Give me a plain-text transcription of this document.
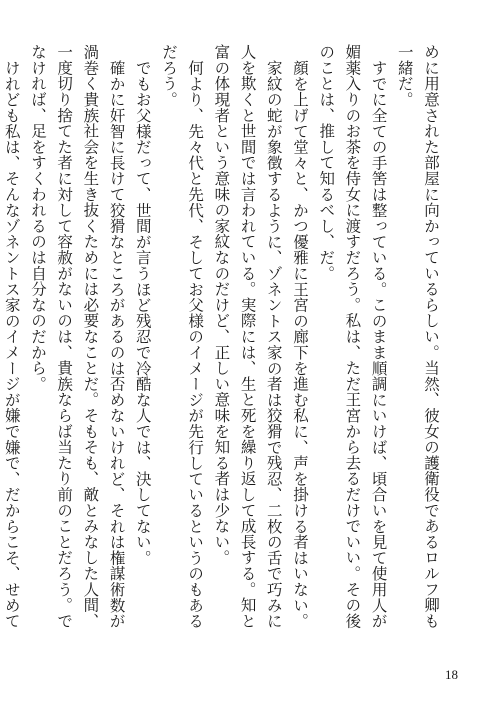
めに用意された部屋に向かっているらしい。当然、彼女の護衛役であるロルフ卿も一緒だ。

すでに全ての手筈は整っている。このまま順調にいけば、頃合いを見て使用人が媚薬入りのお茶を侍女に渡すだろう。私は、ただ王宮から去るだけでいい。その後のことは、推して知るべし、だ。

顔を上げて堂々と、かつ優雅に王宮の廊下を進む私に、声を掛ける者はいない。

家紋の蛇が象徴するように、ゾネントス家の者は狡猾で残忍、二枚の舌で巧みに人を欺くと世間では言われている。実際には、生と死を繰り返して成長する。知と富の体現者という意味の家紋なのだけど、正しい意味を知る者は少ない。

何より、先々代と先代、そしてお父様のイメージが先行しているというのもあるだろう。

でもお父様だって、世間が言うほど残忍で冷酷な人では、決してない。

確かに奸智に長けて狡猾なところがあるのは否めないけれど、それは権謀術数が渦巻く貴族社会を生き抜くためには必要なことだ。そもそも、敵とみなした人間、一度切り捨てた者に対して容赦がないのは、貴族ならば当たり前のことだろう。でなければ、足をすくわれるのは自分なのだから。

けれども私は、そんなゾネントス家のイメージが嫌で嫌で、だからこそ、せめて

18
